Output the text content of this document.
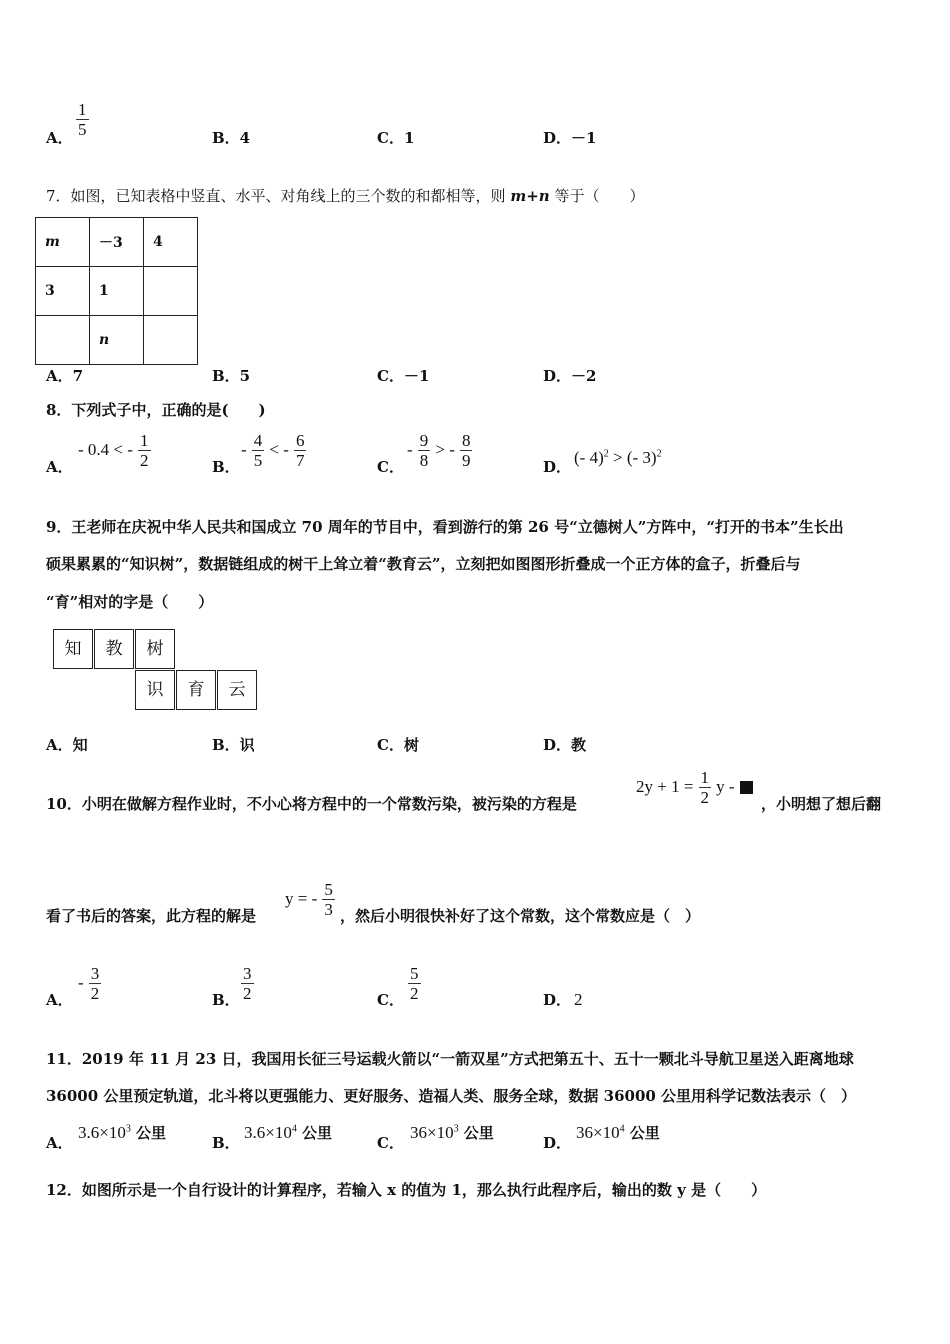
A． $\frac{1}{5}$	B．4	C．1	D．－1
7．如图，已知表格中竖直、水平、对角线上的三个数的和都相等，则 m+n 等于（　　）
m	－3	4
3	1	
	n	
A．7	B．5	C．－1	D．－2
8．下列式子中，正确的是(　　)
A．
- 0.4 < - $\frac{1}{2}$	B．
- $\frac{4}{5}$ < - $\frac{6}{7}$	C．
- $\frac{9}{8}$ > - $\frac{8}{9}$	D． (- 4)$^2$ > (- 3)$^2$
9．王老师在庆祝中华人民共和国成立 70 周年的节目中，看到游行的第 26 号“立德树人”方阵中，“打开的书本”生长出
硕果累累的“知识树”，数据链组成的树干上耸立着“教育云”，立刻把如图图形折叠成一个正方体的盒子，折叠后与
“育”相对的字是（　　）
知	教	树
识	育	云
A．知	B．识	C．树	D．教
10．小明在做解方程作业时，不小心将方程中的一个常数污染，被污染的方程是
$2y + 1 = \frac{1}{2}$ y -
，小明想了想后翻
看了书后的答案，此方程的解是
y = - $\frac{5}{3}$ ，然后小明很快补好了这个常数，这个常数应是（　）
A．
- $\frac{3}{2}$	B． $\frac{3}{2}$	C． $\frac{5}{2}$	D． 2
11．2019 年 11 月 23 日，我国用长征三号运载火箭以“一箭双星”方式把第五十、五十一颗北斗导航卫星送入距离地球
36000 公里预定轨道，北斗将以更强能力、更好服务、造福人类、服务全球，数据 36000 公里用科学记数法表示（　）
A．
$3.6\times 10^3$ 公里
B．
$3.6\times 10^4$ 公里
C．
$36\times 10^3$ 公里
D．
$36\times 10^4$ 公里
12．如图所示是一个自行设计的计算程序，若输入 x 的值为 1，那么执行此程序后，输出的数 y 是（　　）
